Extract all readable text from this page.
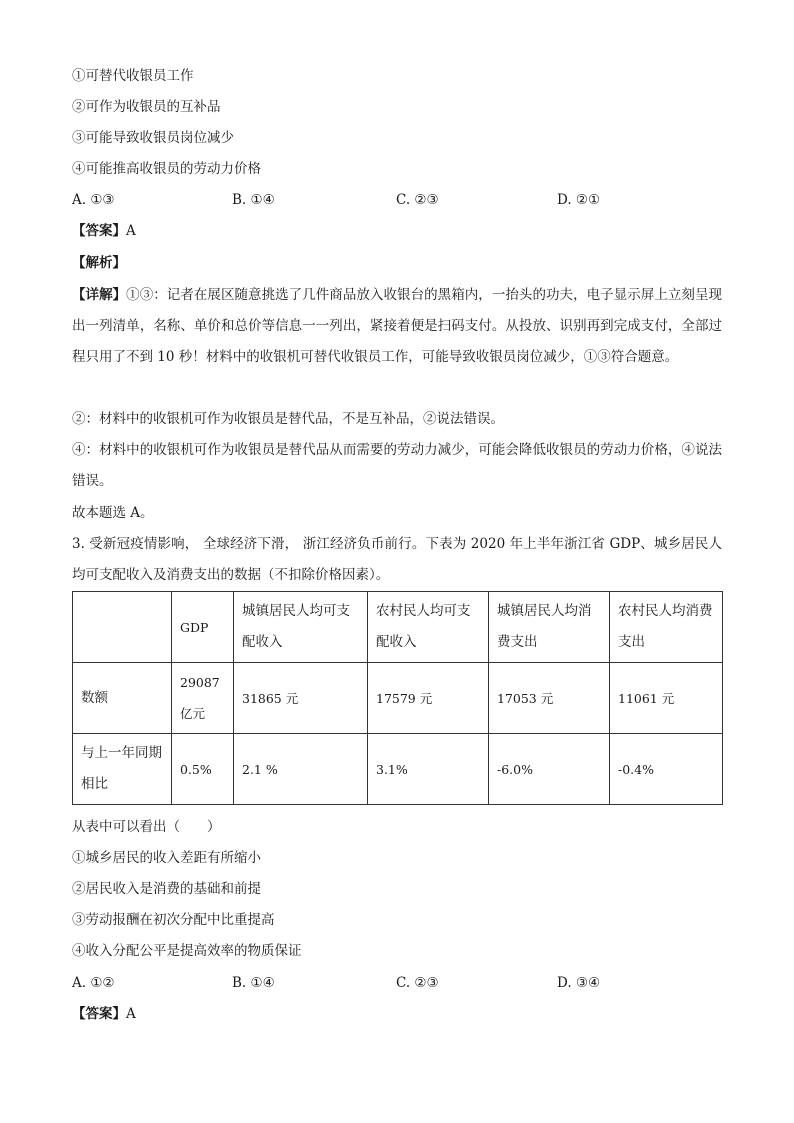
①可替代收银员工作
②可作为收银员的互补品
③可能导致收银员岗位减少
④可能推高收银员的劳动力价格
A. ①③	B. ①④	C. ②③	D. ②①
【答案】A
【解析】
【详解】①③：记者在展区随意挑选了几件商品放入收银台的黑箱内，一抬头的功夫，电子显示屏上立刻呈现出一列清单，名称、单价和总价等信息一一列出，紧接着便是扫码支付。从投放、识别再到完成支付，全部过程只用了不到 10 秒！材料中的收银机可替代收银员工作，可能导致收银员岗位减少，①③符合题意。
②：材料中的收银机可作为收银员是替代品，不是互补品，②说法错误。
④：材料中的收银机可作为收银员是替代品从而需要的劳动力减少，可能会降低收银员的劳动力价格，④说法错误。
故本题选 A。
3. 受新冠疫情影响， 全球经济下滑， 浙江经济负币前行。下表为 2020 年上半年浙江省 GDP、城乡居民人均可支配收入及消费支出的数据（不扣除价格因素）。
	GDP	城镇居民人均可支配收入	农村民人均可支配收入	城镇居民人均消费支出	农村民人均消费支出
数额	29087 亿元	31865 元	17579 元	17053 元	11061 元
与上一年同期相比	0.5%	2.1 %	3.1%	-6.0%	-0.4%
从表中可以看出（　　）
①城乡居民的收入差距有所缩小
②居民收入是消费的基础和前提
③劳动报酬在初次分配中比重提高
④收入分配公平是提高效率的物质保证
A. ①②	B. ①④	C. ②③	D. ③④
【答案】A
